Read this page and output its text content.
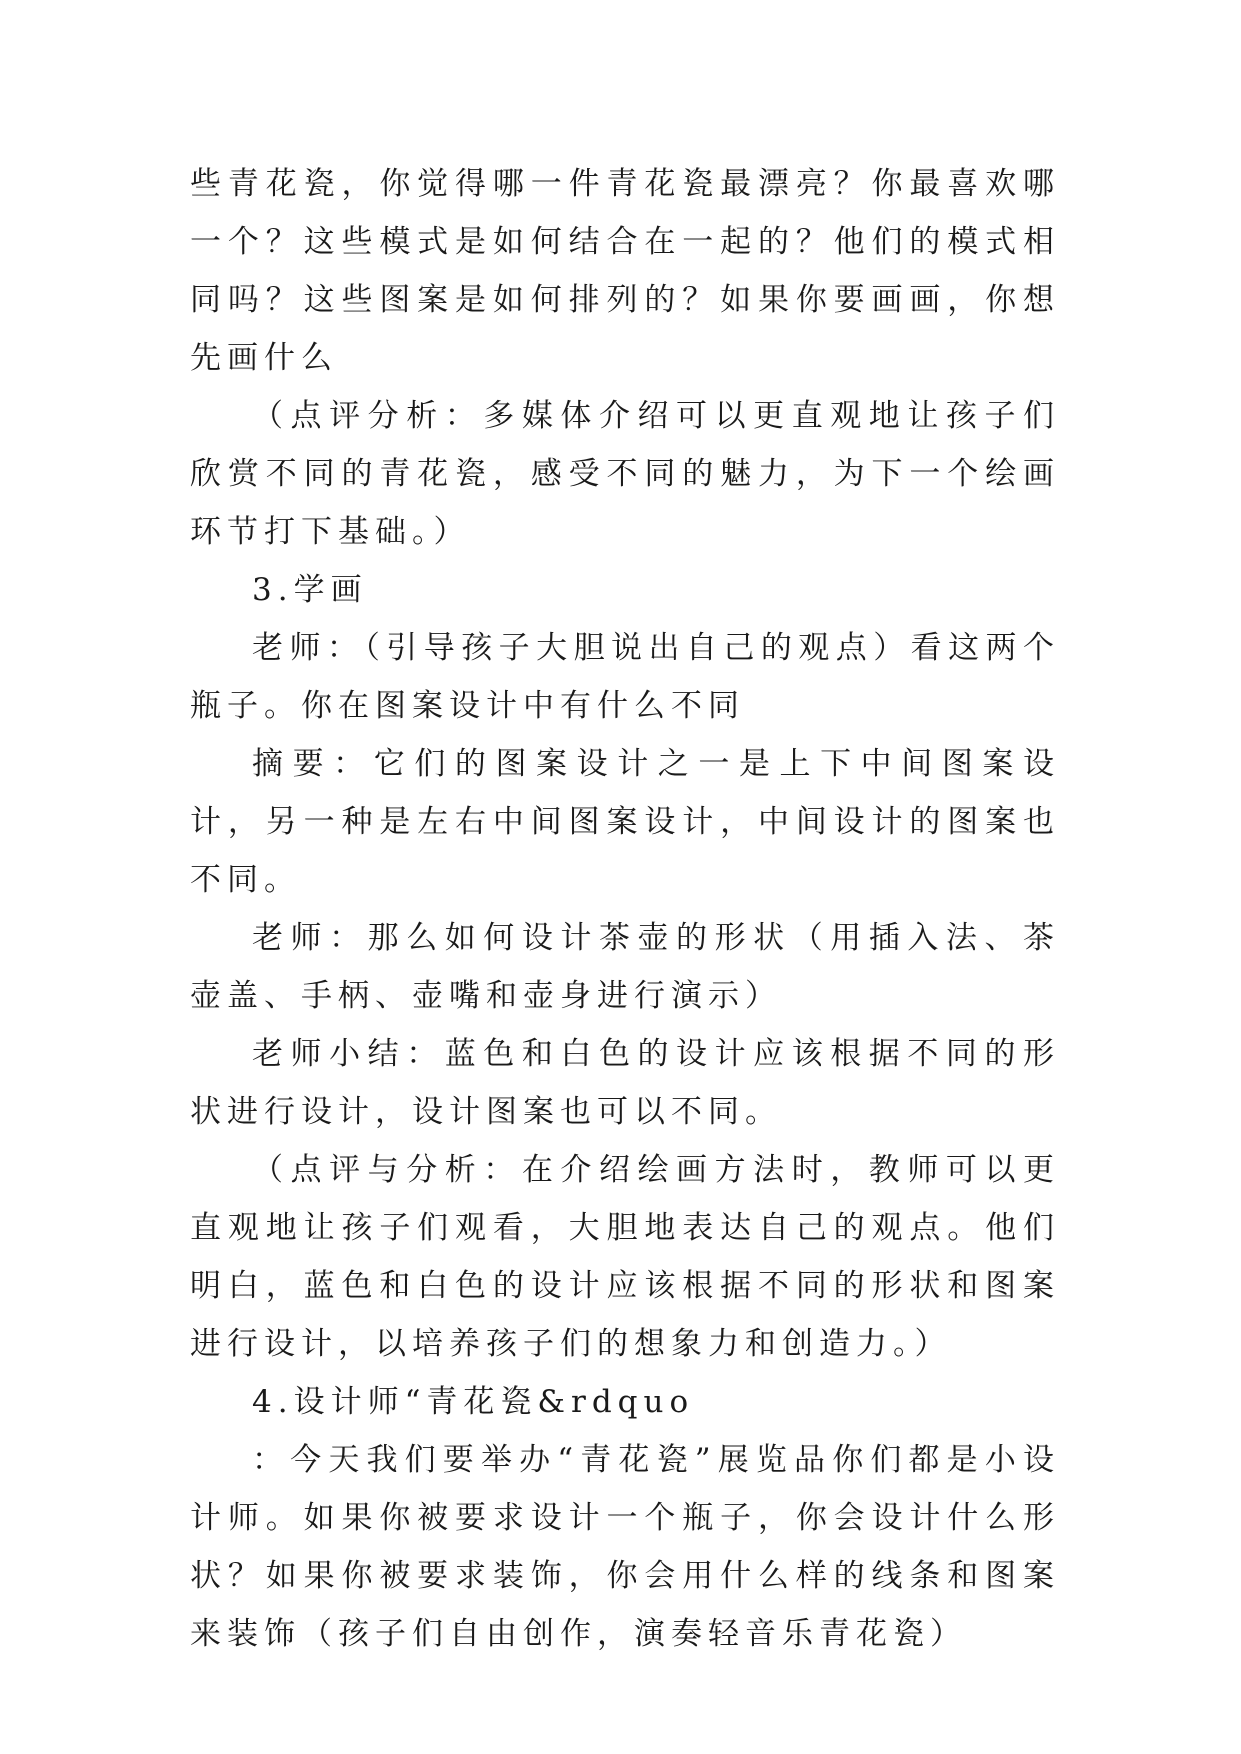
些青花瓷，你觉得哪一件青花瓷最漂亮？你最喜欢哪一个？这些模式是如何结合在一起的？他们的模式相同吗？这些图案是如何排列的？如果你要画画，你想先画什么

（点评分析：多媒体介绍可以更直观地让孩子们欣赏不同的青花瓷，感受不同的魅力，为下一个绘画环节打下基础。）

3.学画

老师：（引导孩子大胆说出自己的观点）看这两个瓶子。你在图案设计中有什么不同

摘要：它们的图案设计之一是上下中间图案设计，另一种是左右中间图案设计，中间设计的图案也不同。

老师：那么如何设计茶壶的形状（用插入法、茶壶盖、手柄、壶嘴和壶身进行演示）

老师小结：蓝色和白色的设计应该根据不同的形状进行设计，设计图案也可以不同。

（点评与分析：在介绍绘画方法时，教师可以更直观地让孩子们观看，大胆地表达自己的观点。他们明白，蓝色和白色的设计应该根据不同的形状和图案进行设计，以培养孩子们的想象力和创造力。）

4.设计师“青花瓷&rdquo

：今天我们要举办“青花瓷”展览品你们都是小设计师。如果你被要求设计一个瓶子，你会设计什么形状？如果你被要求装饰，你会用什么样的线条和图案来装饰（孩子们自由创作，演奏轻音乐青花瓷）
